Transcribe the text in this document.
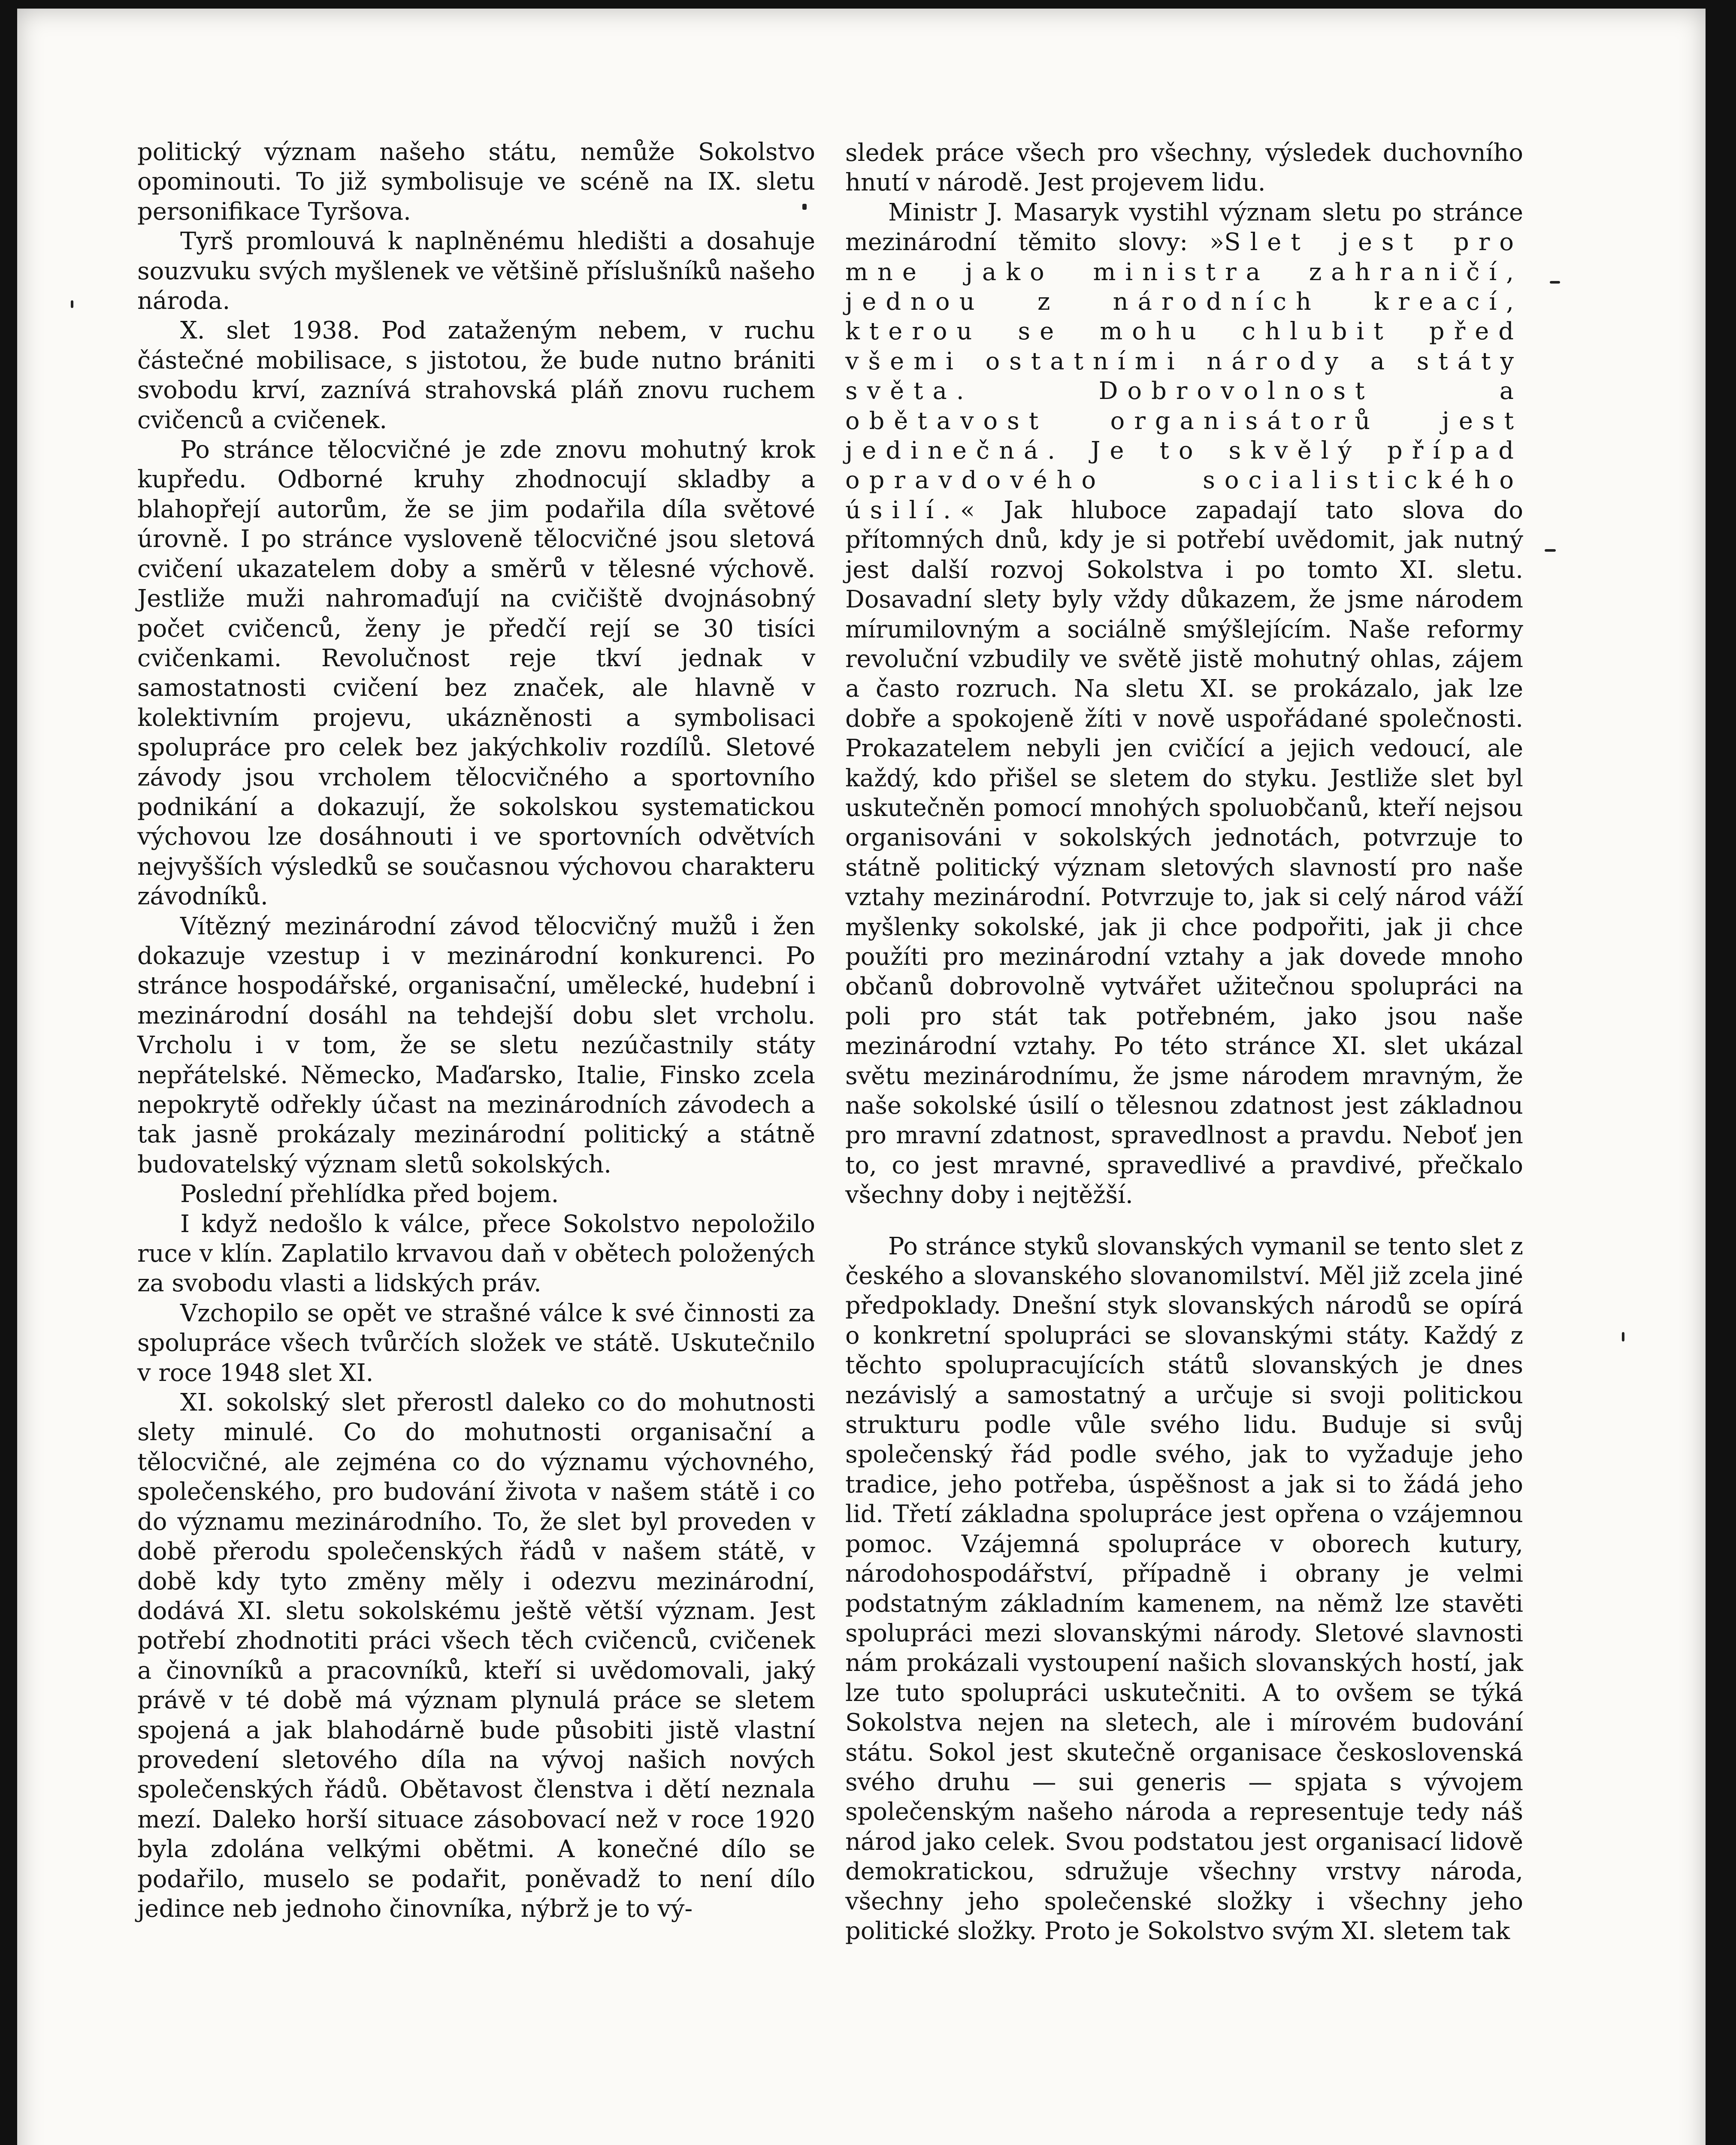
politický význam našeho státu, nemůže Sokolstvo opominouti. To již symbolisuje ve scéně na IX. sletu personifikace Tyršova.

Tyrš promlouvá k naplněnému hledišti a dosahuje souzvuku svých myšlenek ve většině příslušníků našeho národa.

X. slet 1938. Pod zataženým nebem, v ruchu částečné mobilisace, s jistotou, že bude nutno brániti svobodu krví, zaznívá strahovská pláň znovu ruchem cvičenců a cvičenek.

Po stránce tělocvičné je zde znovu mohutný krok kupředu. Odborné kruhy zhodnocují skladby a blahopřejí autorům, že se jim podařila díla světové úrovně. I po stránce vysloveně tělocvičné jsou sletová cvičení ukazatelem doby a směrů v tělesné výchově. Jestliže muži nahromaďují na cvičiště dvojnásobný počet cvičenců, ženy je předčí rejí se 30 tisíci cvičenkami. Revolučnost reje tkví jednak v samostatnosti cvičení bez značek, ale hlavně v kolektivním projevu, ukázněnosti a symbolisaci spolupráce pro celek bez jakýchkoliv rozdílů. Sletové závody jsou vrcholem tělocvičného a sportovního podnikání a dokazují, že sokolskou systematickou výchovou lze dosáhnouti i ve sportovních odvětvích nejvyšších výsledků se současnou výchovou charakteru závodníků.

Vítězný mezinárodní závod tělocvičný mužů i žen dokazuje vzestup i v mezinárodní konkurenci. Po stránce hospodářské, organisační, umělecké, hudební i mezinárodní dosáhl na tehdejší dobu slet vrcholu. Vrcholu i v tom, že se sletu nezúčastnily státy nepřátelské. Německo, Maďarsko, Italie, Finsko zcela nepokrytě odřekly účast na mezinárodních závodech a tak jasně prokázaly mezinárodní politický a státně budovatelský význam sletů sokolských.

Poslední přehlídka před bojem.

I když nedošlo k válce, přece Sokolstvo nepoložilo ruce v klín. Zaplatilo krvavou daň v obětech položených za svobodu vlasti a lidských práv.

Vzchopilo se opět ve strašné válce k své činnosti za spolupráce všech tvůrčích složek ve státě. Uskutečnilo v roce 1948 slet XI.

XI. sokolský slet přerostl daleko co do mohutnosti slety minulé. Co do mohutnosti organisační a tělocvičné, ale zejména co do významu výchovného, společenského, pro budování života v našem státě i co do významu mezinárodního. To, že slet byl proveden v době přerodu společenských řádů v našem státě, v době kdy tyto změny měly i odezvu mezinárodní, dodává XI. sletu sokolskému ještě větší význam. Jest potřebí zhodnotiti práci všech těch cvičenců, cvičenek a činovníků a pracovníků, kteří si uvědomovali, jaký právě v té době má význam plynulá práce se sletem spojená a jak blahodárně bude působiti jistě vlastní provedení sletového díla na vývoj našich nových společenských řádů. Obětavost členstva i dětí neznala mezí. Daleko horší situace zásobovací než v roce 1920 byla zdolána velkými obětmi. A konečné dílo se podařilo, muselo se podařit, poněvadž to není dílo jedince neb jednoho činovníka, nýbrž je to vý-

sledek práce všech pro všechny, výsledek duchovního hnutí v národě. Jest projevem lidu.

Ministr J. Masaryk vystihl význam sletu po stránce mezinárodní těmito slovy: »Slet jest pro mne jako ministra zahraničí, jednou z národních kreací, kterou se mohu chlubit před všemi ostatními národy a státy světa. Dobrovolnost a obětavost organisátorů jest jedinečná. Je to skvělý případ opravdového socialistického úsilí.« Jak hluboce zapadají tato slova do přítomných dnů, kdy je si potřebí uvědomit, jak nutný jest další rozvoj Sokolstva i po tomto XI. sletu. Dosavadní slety byly vždy důkazem, že jsme národem mírumilovným a sociálně smýšlejícím. Naše reformy revoluční vzbudily ve světě jistě mohutný ohlas, zájem a často rozruch. Na sletu XI. se prokázalo, jak lze dobře a spokojeně žíti v nově uspořádané společnosti. Prokazatelem nebyli jen cvičící a jejich vedoucí, ale každý, kdo přišel se sletem do styku. Jestliže slet byl uskutečněn pomocí mnohých spoluobčanů, kteří nejsou organisováni v sokolských jednotách, potvrzuje to státně politický význam sletových slavností pro naše vztahy mezinárodní. Potvrzuje to, jak si celý národ váží myšlenky sokolské, jak ji chce podpořiti, jak ji chce použíti pro mezinárodní vztahy a jak dovede mnoho občanů dobrovolně vytvářet užitečnou spolupráci na poli pro stát tak potřebném, jako jsou naše mezinárodní vztahy. Po této stránce XI. slet ukázal světu mezinárodnímu, že jsme národem mravným, že naše sokolské úsilí o tělesnou zdatnost jest základnou pro mravní zdatnost, spravedlnost a pravdu. Neboť jen to, co jest mravné, spravedlivé a pravdivé, přečkalo všechny doby i nejtěžší.

Po stránce styků slovanských vymanil se tento slet z českého a slovanského slovanomilství. Měl již zcela jiné předpoklady. Dnešní styk slovanských národů se opírá o konkretní spolupráci se slovanskými státy. Každý z těchto spolupracujících států slovanských je dnes nezávislý a samostatný a určuje si svoji politickou strukturu podle vůle svého lidu. Buduje si svůj společenský řád podle svého, jak to vyžaduje jeho tradice, jeho potřeba, úspěšnost a jak si to žádá jeho lid. Třetí základna spolupráce jest opřena o vzájemnou pomoc. Vzájemná spolupráce v oborech kutury, národohospodářství, případně i obrany je velmi podstatným základním kamenem, na němž lze stavěti spolupráci mezi slovanskými národy. Sletové slavnosti nám prokázali vystoupení našich slovanských hostí, jak lze tuto spolupráci uskutečniti. A to ovšem se týká Sokolstva nejen na sletech, ale i mírovém budování státu. Sokol jest skutečně organisace československá svého druhu — sui generis — spjata s vývojem společenským našeho národa a representuje tedy náš národ jako celek. Svou podstatou jest organisací lidově demokratickou, sdružuje všechny vrstvy národa, všechny jeho společenské složky i všechny jeho politické složky. Proto je Sokolstvo svým XI. sletem tak
